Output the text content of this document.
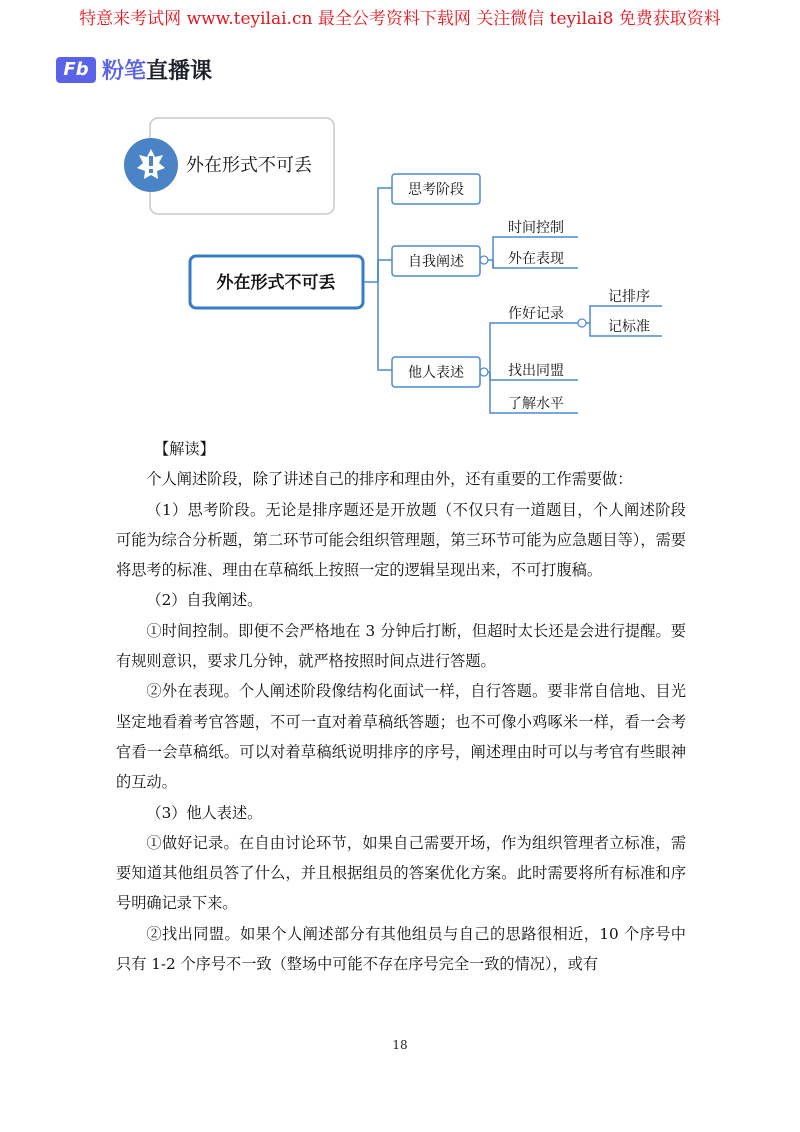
特意来考试网 www.teyilai.cn 最全公考资料下载网 关注微信 teyilai8 免费获取资料
Fb 粉笔直播课
外在形式不可丢
外在形式不可丢
思考阶段
自我阐述
他人表述
时间控制
外在表现
作好记录
记排序
记标准
找出同盟
了解水平

【解读】

个人阐述阶段，除了讲述自己的排序和理由外，还有重要的工作需要做：

（1）思考阶段。无论是排序题还是开放题（不仅只有一道题目，个人阐述阶段可能为综合分析题，第二环节可能会组织管理题，第三环节可能为应急题目等），需要将思考的标准、理由在草稿纸上按照一定的逻辑呈现出来，不可打腹稿。

（2）自我阐述。

①时间控制。即便不会严格地在 3 分钟后打断，但超时太长还是会进行提醒。要有规则意识，要求几分钟，就严格按照时间点进行答题。

②外在表现。个人阐述阶段像结构化面试一样，自行答题。要非常自信地、目光坚定地看着考官答题，不可一直对着草稿纸答题；也不可像小鸡啄米一样，看一会考官看一会草稿纸。可以对着草稿纸说明排序的序号，阐述理由时可以与考官有些眼神的互动。

（3）他人表述。

①做好记录。在自由讨论环节，如果自己需要开场，作为组织管理者立标准，需要知道其他组员答了什么，并且根据组员的答案优化方案。此时需要将所有标准和序号明确记录下来。

②找出同盟。如果个人阐述部分有其他组员与自己的思路很相近，10 个序号中只有 1-2 个序号不一致（整场中可能不存在序号完全一致的情况），或有

18
